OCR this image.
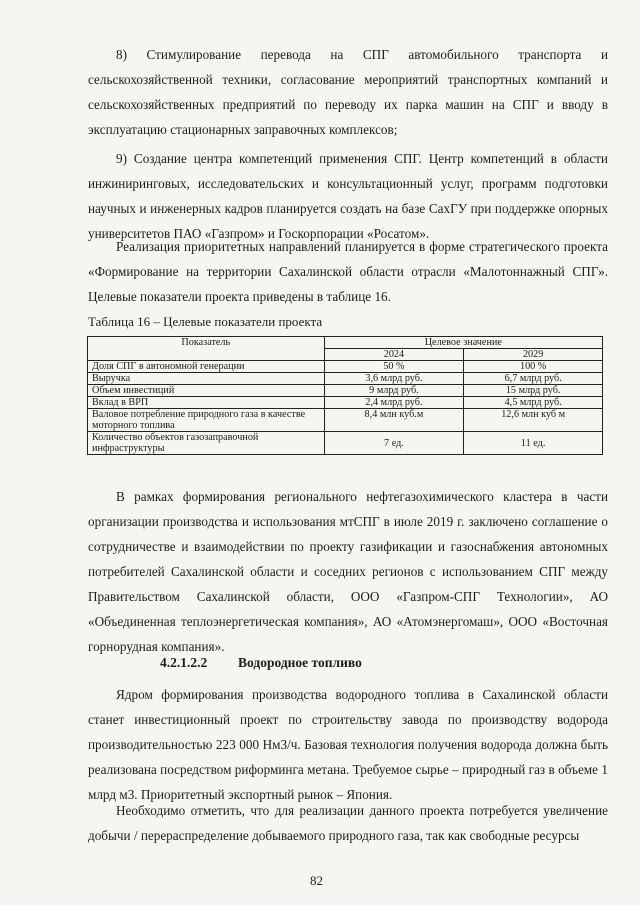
8) Стимулирование перевода на СПГ автомобильного транспорта и сельскохозяйственной техники, согласование мероприятий транспортных компаний и сельскохозяйственных предприятий по переводу их парка машин на СПГ и вводу в эксплуатацию стационарных заправочных комплексов;

9) Создание центра компетенций применения СПГ. Центр компетенций в области инжиниринговых, исследовательских и консультационный услуг, программ подготовки научных и инженерных кадров планируется создать на базе СахГУ при поддержке опорных университетов ПАО «Газпром» и Госкорпорации «Росатом».

Реализация приоритетных направлений планируется в форме стратегического проекта «Формирование на территории Сахалинской области отрасли «Малотоннажный СПГ». Целевые показатели проекта приведены в таблице 16.

Таблица 16 – Целевые показатели проекта

Показатель	Целевое значение	
	2024	2029
Доля СПГ в автономной генерации	50 %	100 %
Выручка	3,6 млрд руб.	6,7 млрд руб.
Объем инвестиций	9 млрд руб.	15 млрд руб.
Вклад в ВРП	2,4 млрд руб.	4,5 млрд руб.
Валовое потребление природного газа в качестве моторного топлива	8,4 млн куб.м	12,6 млн куб м
Количество объектов газозаправочной инфраструктуры	7 ед.	11 ед.

В рамках формирования регионального нефтегазохимического кластера в части организации производства и использования мтСПГ в июле 2019 г. заключено соглашение о сотрудничестве и взаимодействии по проекту газификации и газоснабжения автономных потребителей Сахалинской области и соседних регионов с использованием СПГ между Правительством Сахалинской области, ООО «Газпром-СПГ Технологии», АО «Объединенная теплоэнергетическая компания», АО «Атомэнергомаш», ООО «Восточная горнорудная компания».

4.2.1.2.2 Водородное топливо

Ядром формирования производства водородного топлива в Сахалинской области станет инвестиционный проект по строительству завода по производству водорода производительностью 223 000 Нм3/ч. Базовая технология получения водорода должна быть реализована посредством риформинга метана. Требуемое сырье – природный газ в объеме 1 млрд м3. Приоритетный экспортный рынок – Япония.

Необходимо отметить, что для реализации данного проекта потребуется увеличение добычи / перераспределение добываемого природного газа, так как свободные ресурсы

82
